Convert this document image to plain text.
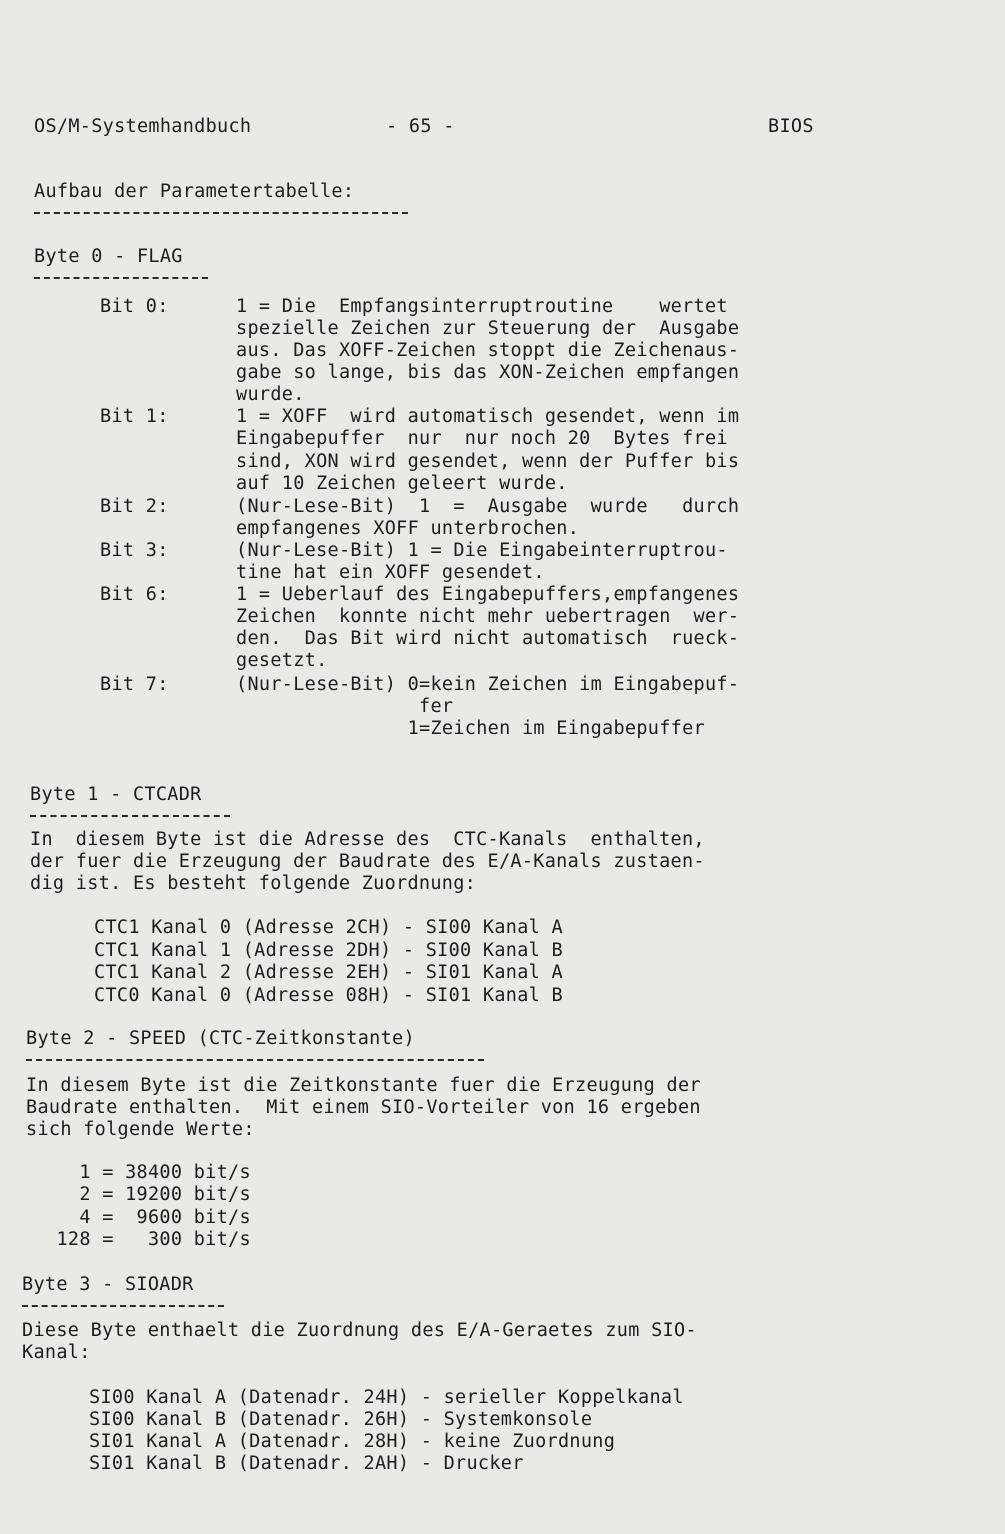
OS/M-Systemhandbuch	- 65 -	BIOS
Aufbau der Parametertabelle:
Byte 0 - FLAG
Bit 0:	1 = Die  Empfangsinterruptroutine    wertet
spezielle Zeichen zur Steuerung der  Ausgabe
aus. Das XOFF-Zeichen stoppt die Zeichenaus-
gabe so lange, bis das XON-Zeichen empfangen
wurde.
Bit 1:	1 = XOFF  wird automatisch gesendet, wenn im
Eingabepuffer  nur  nur noch 20  Bytes frei
sind, XON wird gesendet, wenn der Puffer bis
auf 10 Zeichen geleert wurde.
Bit 2:	(Nur-Lese-Bit)  1  =  Ausgabe  wurde   durch
empfangenes XOFF unterbrochen.
Bit 3:	(Nur-Lese-Bit) 1 = Die Eingabeinterruptrou-
tine hat ein XOFF gesendet.
Bit 6:	1 = Ueberlauf des Eingabepuffers,empfangenes
Zeichen  konnte nicht mehr uebertragen  wer-
den.  Das Bit wird nicht automatisch  rueck-
gesetzt.
Bit 7:	(Nur-Lese-Bit) 0=kein Zeichen im Eingabepuf-
fer
1=Zeichen im Eingabepuffer
Byte 1 - CTCADR
In  diesem Byte ist die Adresse des  CTC-Kanals  enthalten,
der fuer die Erzeugung der Baudrate des E/A-Kanals zustaen-
dig ist. Es besteht folgende Zuordnung:
CTC1 Kanal 0 (Adresse 2CH) - SI00 Kanal A
CTC1 Kanal 1 (Adresse 2DH) - SI00 Kanal B
CTC1 Kanal 2 (Adresse 2EH) - SI01 Kanal A
CTC0 Kanal 0 (Adresse 08H) - SI01 Kanal B
Byte 2 - SPEED (CTC-Zeitkonstante)
In diesem Byte ist die Zeitkonstante fuer die Erzeugung der
Baudrate enthalten.  Mit einem SIO-Vorteiler von 16 ergeben
sich folgende Werte:
1 = 38400 bit/s
2 = 19200 bit/s
4 =  9600 bit/s
128 =   300 bit/s
Byte 3 - SIOADR
Diese Byte enthaelt die Zuordnung des E/A-Geraetes zum SIO-
Kanal:
SI00 Kanal A (Datenadr. 24H) - serieller Koppelkanal
SI00 Kanal B (Datenadr. 26H) - Systemkonsole
SI01 Kanal A (Datenadr. 28H) - keine Zuordnung
SI01 Kanal B (Datenadr. 2AH) - Drucker
